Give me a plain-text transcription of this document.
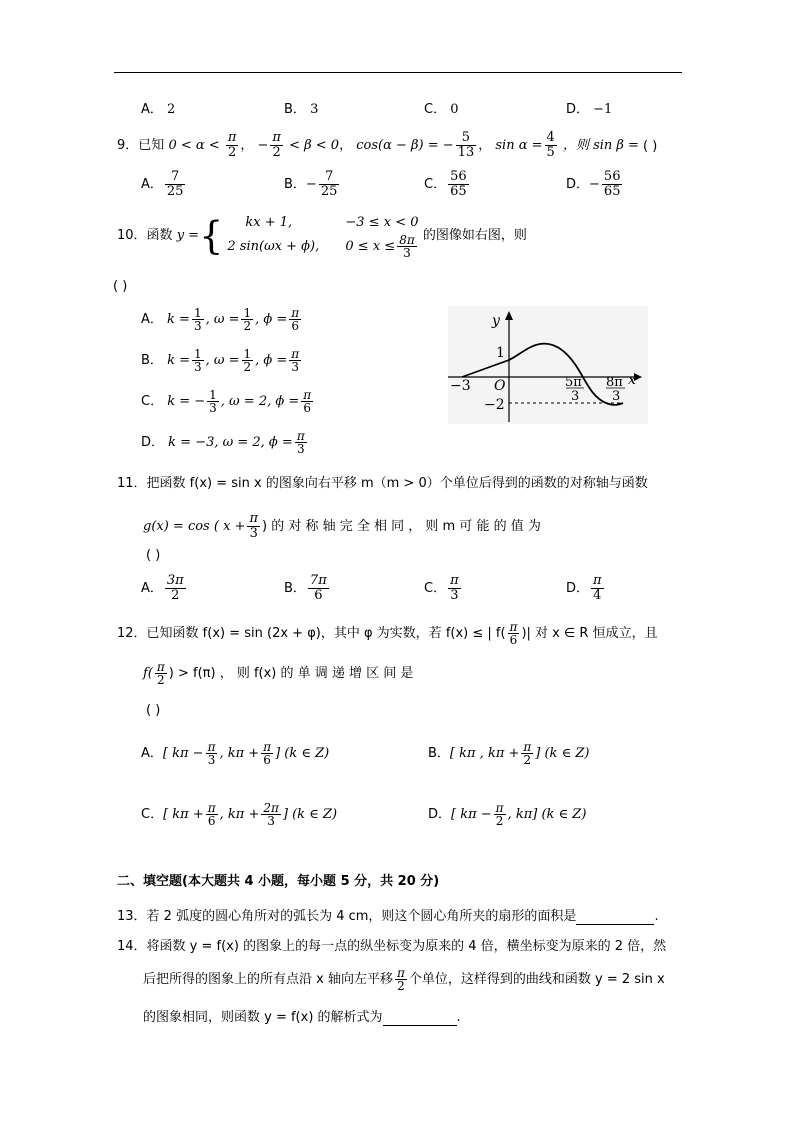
A． 2	B． 3	C． 0	D． −1
9．已知 $0 < \alpha < \frac{\pi}{2}$ ， − $\frac{\pi}{2} < \beta < 0$， cos(α − β) = − $\frac{5}{13}$ ， $\sin \alpha = \frac{4}{5}$ ，则 sin β = ( )
A． $\frac{7}{25}$	B．− $\frac{7}{25}$	C． $\frac{56}{65}$	D．− $\frac{56}{65}$
10．函数 y ={	kx + 1,	−3 ≤ x < 0
2 sin(ωx + ϕ), $0 \le x \le \frac{8\pi}{3}$ 的图像如右图，则
( )
A． $k = \frac{1}{3}$ , $\omega = \frac{1}{2}$ , $\phi = \frac{\pi}{6}$
B． $k = \frac{1}{3}$ , $\omega = \frac{1}{2}$ , $\phi = \frac{\pi}{3}$
C． k = − $\frac{1}{3}$ , ω = 2, $\phi = \frac{\pi}{6}$
D． k = −3, ω = 2, $\phi = \frac{\pi}{3}$
y
1
−3 O	5π
3
8π
3
x
−2
11．把函数 f(x) = sin x 的图象向右平移 m（m > 0）个单位后得到的函数的对称轴与函数
g(x) = cos ( $x + \frac{\pi}{3}$ ) 的 对 称 轴 完 全 相 同 ， 则 m 可 能 的 值 为
( )
A． $\frac{3\pi}{2}$	B． $\frac{7\pi}{6}$	C． $\frac{\pi}{3}$	D． $\frac{\pi}{4}$
12．已知函数 f(x) = sin (2x + φ)，其中 φ 为实数，若 f(x) ≤ | $f( \frac{\pi}{6}$ )| 对 x ∈ R 恒成立，且
$f( \frac{\pi}{2}$ ) > f(π) ， 则 f(x) 的 单 调 递 增 区 间 是
( )
A．[ $k\pi - \frac{\pi}{3}$ , $k\pi + \frac{\pi}{6}$ ] (k ∈ Z)	B．[ kπ , $k\pi + \frac{\pi}{2}$ ] (k ∈ Z)
C．[ $k\pi + \frac{\pi}{6}$ , $k\pi + \frac{2\pi}{3}$ ] (k ∈ Z)	D．[ $k\pi - \frac{\pi}{2}$ , kπ] (k ∈ Z)
二、填空题(本大题共 4 小题，每小题 5 分，共 20 分)
13．若 2 弧度的圆心角所对的弧长为 4 cm，则这个圆心角所夹的扇形的面积是	.
14．将函数 y = f(x) 的图象上的每一点的纵坐标变为原来的 4 倍，横坐标变为原来的 2 倍，然
后把所得的图象上的所有点沿 x 轴向左平移 $\frac{\pi}{2}$ 个单位，这样得到的曲线和函数 y = 2 sin x
的图象相同，则函数 y = f(x) 的解析式为	.
